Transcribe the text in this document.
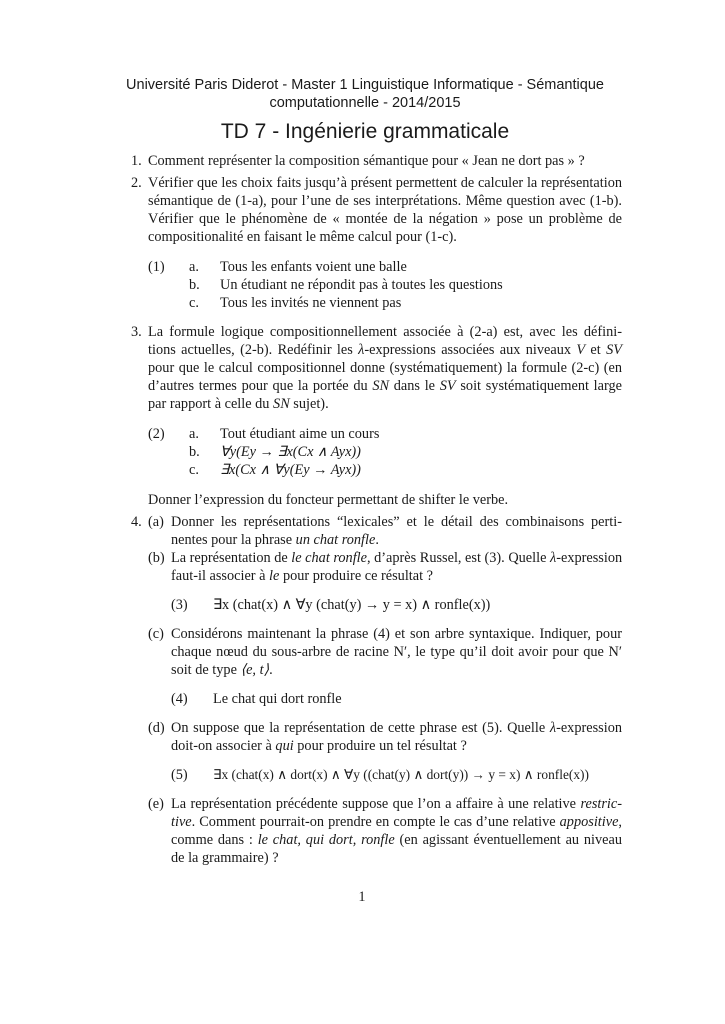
Université Paris Diderot - Master 1 Linguistique Informatique - Sémantique
computationnelle - 2014/2015
TD 7 - Ingénierie grammaticale
1. Comment représenter la composition sémantique pour « Jean ne dort pas » ?
2. Vérifier que les choix faits jusqu’à présent permettent de calculer la représentation
sémantique de (1-a), pour l’une de ses interprétations. Même question avec (1-b).
Vérifier que le phénomène de « montée de la négation » pose un problème de
compositionalité en faisant le même calcul pour (1-c).
(1) a. Tous les enfants voient une balle
b. Un étudiant ne répondit pas à toutes les questions
c. Tous les invités ne viennent pas
3. La formule logique compositionnellement associée à (2-a) est, avec les défini-
tions actuelles, (2-b). Redéfinir les λ-expressions associées aux niveaux V et SV
pour que le calcul compositionnel donne (systématiquement) la formule (2-c) (en
d’autres termes pour que la portée du SN dans le SV soit systématiquement large
par rapport à celle du SN sujet).
(2) a. Tout étudiant aime un cours
b. ∀y(Ey → ∃x(Cx ∧ Ayx))
c. ∃x(Cx ∧ ∀y(Ey → Ayx))
Donner l’expression du foncteur permettant de shifter le verbe.
4. (a) Donner les représentations “lexicales” et le détail des combinaisons perti-
nentes pour la phrase un chat ronfle.
(b) La représentation de le chat ronfle, d’après Russel, est (3). Quelle λ-expression
faut-il associer à le pour produire ce résultat ?
(3) ∃x (chat(x) ∧ ∀y (chat(y) → y = x) ∧ ronfle(x))
(c) Considérons maintenant la phrase (4) et son arbre syntaxique. Indiquer, pour
chaque nœud du sous-arbre de racine N′, le type qu’il doit avoir pour que N′
soit de type ⟨e, t⟩.
(4) Le chat qui dort ronfle
(d) On suppose que la représentation de cette phrase est (5). Quelle λ-expression
doit-on associer à qui pour produire un tel résultat ?
(5) ∃x (chat(x) ∧ dort(x) ∧ ∀y ((chat(y) ∧ dort(y)) → y = x) ∧ ronfle(x))
(e) La représentation précédente suppose que l’on a affaire à une relative restric-
tive. Comment pourrait-on prendre en compte le cas d’une relative appositive,
comme dans : le chat, qui dort, ronfle (en agissant éventuellement au niveau
de la grammaire) ?
1
